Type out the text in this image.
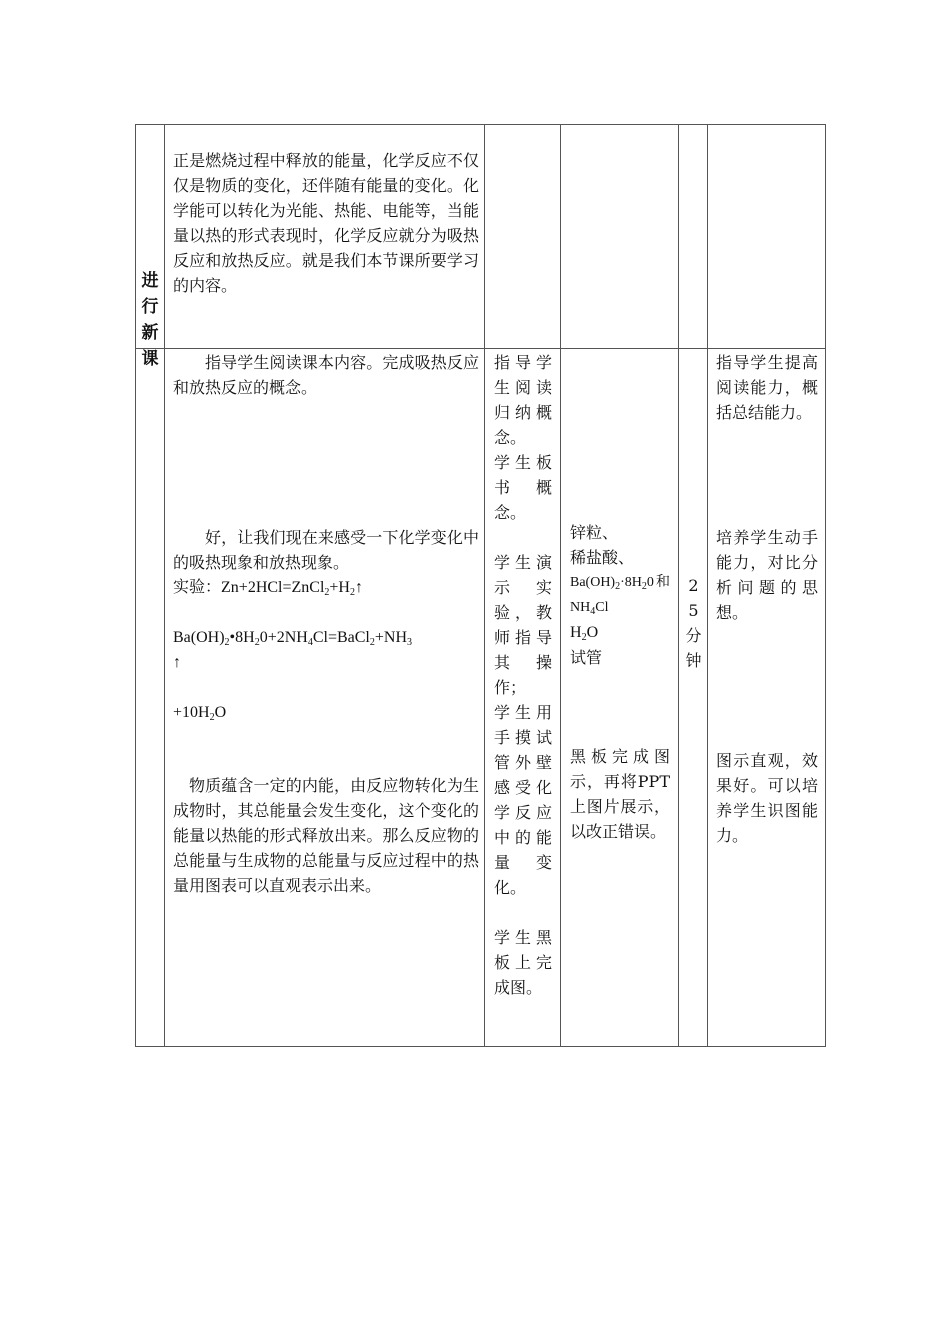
正是燃烧过程中释放的能量，化学反应不仅仅是物质的变化，还伴随有能量的变化。化学能可以转化为光能、热能、电能等，当能量以热的形式表现时，化学反应就分为吸热反应和放热反应。就是我们本节课所要学习的内容。

进
行
新
课	指导学生阅读课本内容。完成吸热反应和放热反应的概念。

好，让我们现在来感受一下化学变化中的吸热现象和放热现象。

实验：$Zn+2HCl=ZnCl_2+H_2↑$
$Ba(OH)_2•8H_20+2NH_4Cl=BaCl_2+NH_3$
↑
$+10H_2O$

物质蕴含一定的内能，由反应物转化为生成物时，其总能量会发生变化，这个变化的能量以热能的形式释放出来。那么反应物的总能量与生成物的总能量与反应过程中的热量用图表可以直观表示出来。

指导学生阅读归纳概念。

学生板书概念。

学生演示实验，教师指导其操作；

学生用手摸试管外壁感受化学反应中的能量变化。

学生黑板上完成图。

锌粒、

稀盐酸、

$Ba(OH)_2\cdot 8H_20$和$NH_4Cl$

$H_2O$

试管

黑板完成图示，再将PPT上图片展示，以改正错误。

2
5
分
钟

指导学生提高阅读能力，概括总结能力。

培养学生动手能力，对比分析问题的思想。

图示直观，效果好。可以培养学生识图能力。
